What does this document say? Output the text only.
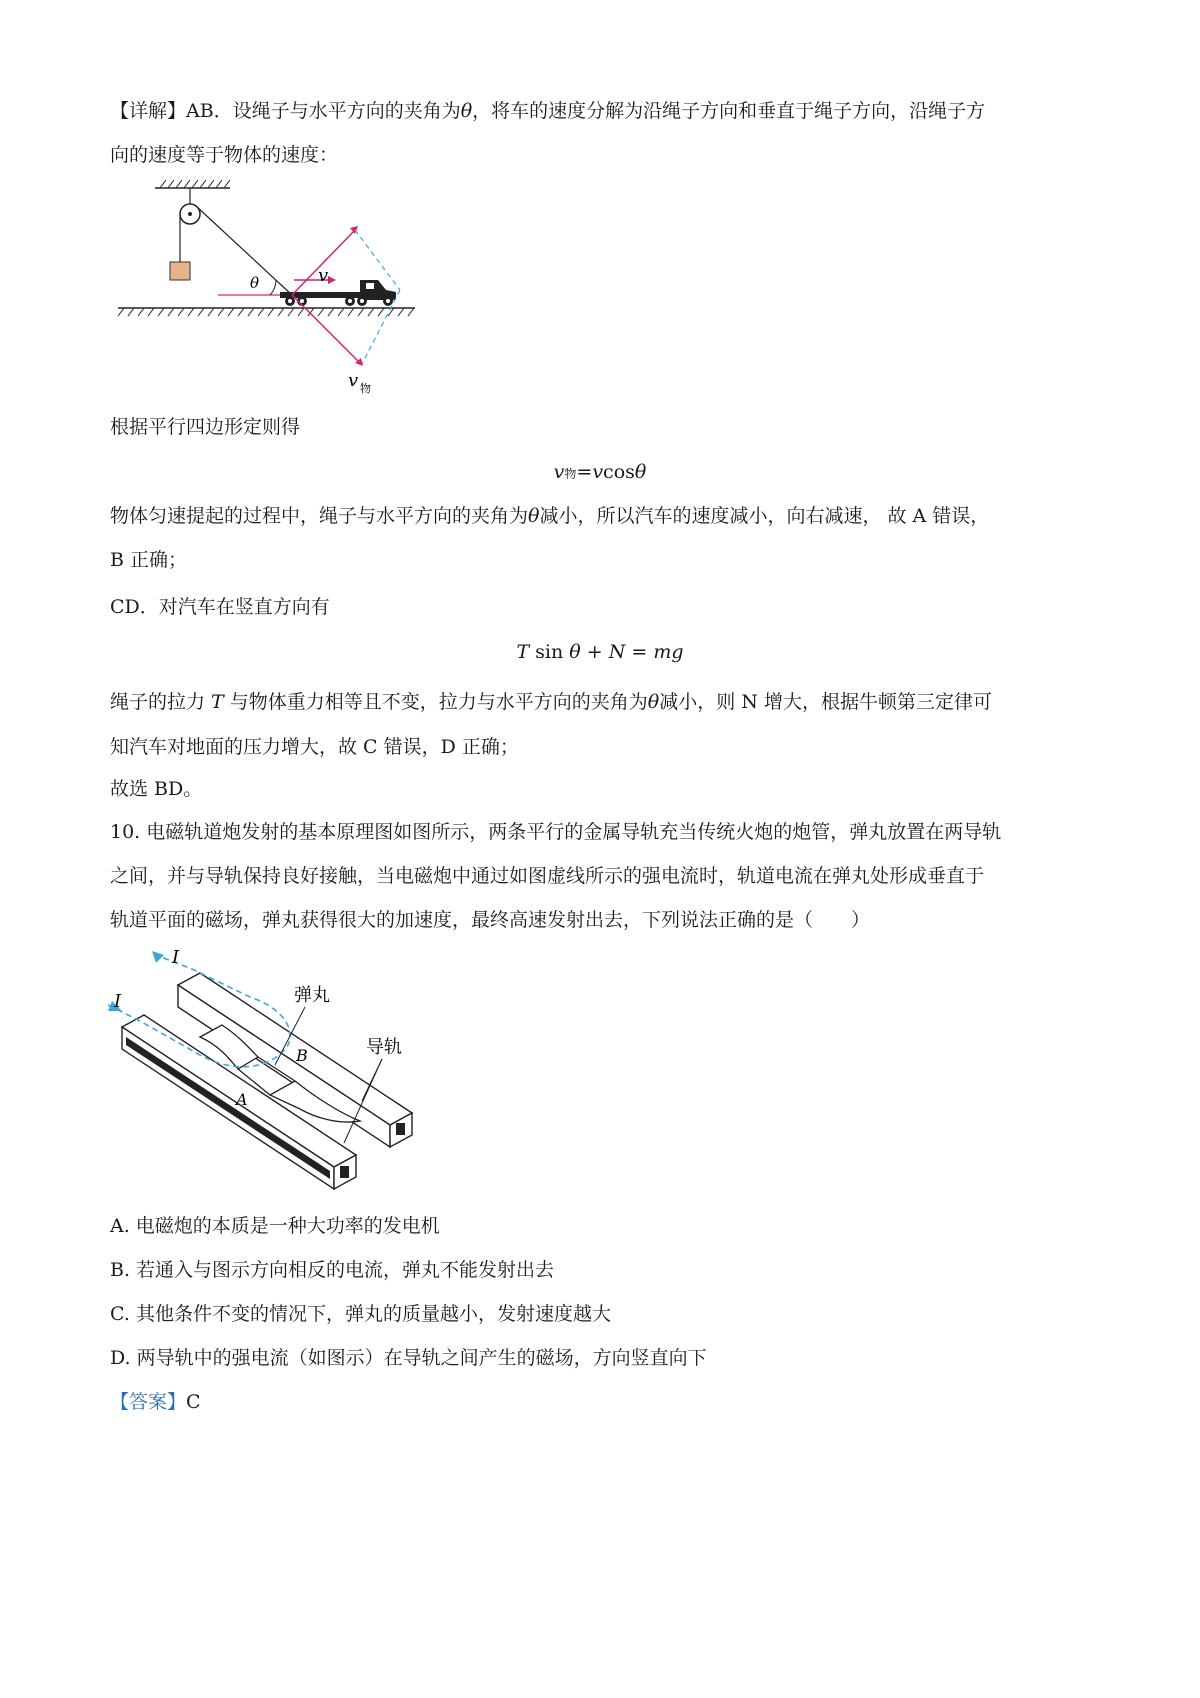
【详解】AB．设绳子与水平方向的夹角为θ，将车的速度分解为沿绳子方向和垂直于绳子方向，沿绳子方
向的速度等于物体的速度：
θ	v
v 物
根据平行四边形定则得
v物=vcosθ
物体匀速提起的过程中，绳子与水平方向的夹角为θ减小，所以汽车的速度减小，向右减速， 故 A 错误，
B 正确；
CD．对汽车在竖直方向有
T sin θ + N = mg
绳子的拉力 T 与物体重力相等且不变，拉力与水平方向的夹角为θ减小，则 N 增大，根据牛顿第三定律可
知汽车对地面的压力增大，故 C 错误，D 正确；
故选 BD。
10. 电磁轨道炮发射的基本原理图如图所示，两条平行的金属导轨充当传统火炮的炮管，弹丸放置在两导轨
之间，并与导轨保持良好接触，当电磁炮中通过如图虚线所示的强电流时，轨道电流在弹丸处形成垂直于
轨道平面的磁场，弹丸获得很大的加速度，最终高速发射出去，下列说法正确的是（　　）
I
I	弹丸
导轨
A
B
A. 电磁炮的本质是一种大功率的发电机
B. 若通入与图示方向相反的电流，弹丸不能发射出去
C. 其他条件不变的情况下，弹丸的质量越小，发射速度越大
D. 两导轨中的强电流（如图示）在导轨之间产生的磁场，方向竖直向下
【答案】C
